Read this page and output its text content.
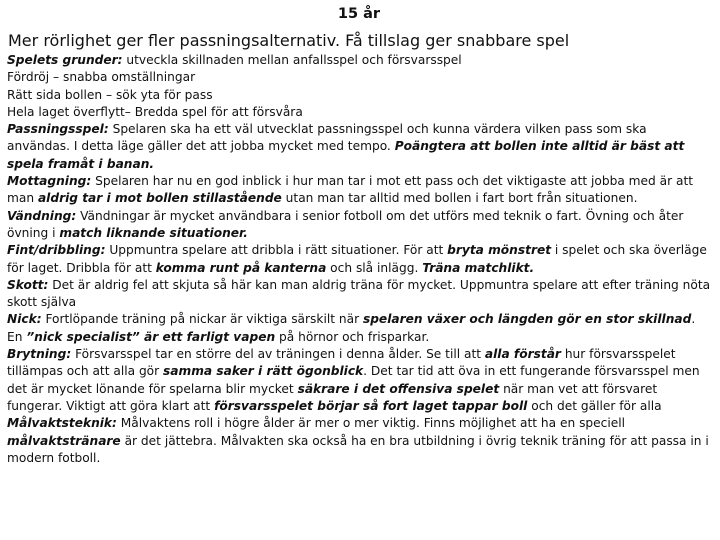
15 år
Mer rörlighet ger fler passningsalternativ. Få tillslag ger snabbare spel

Spelets grunder: utveckla skillnaden mellan anfallsspel och försvarsspel

Fördröj – snabba omställningar

Rätt sida bollen – sök yta för pass

Hela laget överflytt– Bredda spel för att försvåra

Passningsspel: Spelaren ska ha ett väl utvecklat passningsspel och kunna värdera vilken pass som ska användas. I detta läge gäller det att jobba mycket med tempo. Poängtera att bollen inte alltid är bäst att spela framåt i banan.

Mottagning: Spelaren har nu en god inblick i hur man tar i mot ett pass och det viktigaste att jobba med är att man aldrig tar i mot bollen stillastående utan man tar alltid med bollen i fart bort från situationen.

Vändning: Vändningar är mycket användbara i senior fotboll om det utförs med teknik o fart. Övning och åter övning i match liknande situationer.

Fint/dribbling: Uppmuntra spelare att dribbla i rätt situationer. För att bryta mönstret i spelet och ska överläge för laget. Dribbla för att komma runt på kanterna och slå inlägg. Träna matchlikt.

Skott: Det är aldrig fel att skjuta så här kan man aldrig träna för mycket. Uppmuntra spelare att efter träning nöta skott själva

Nick: Fortlöpande träning på nickar är viktiga särskilt när spelaren växer och längden gör en stor skillnad. En ”nick specialist” är ett farligt vapen på hörnor och frisparkar.

Brytning: Försvarsspel tar en större del av träningen i denna ålder. Se till att alla förstår hur försvarsspelet tillämpas och att alla gör samma saker i rätt ögonblick. Det tar tid att öva in ett fungerande försvarsspel men det är mycket lönande för spelarna blir mycket säkrare i det offensiva spelet när man vet att försvaret fungerar. Viktigt att göra klart att försvarsspelet börjar så fort laget tappar boll och det gäller för alla

Målvaktsteknik: Målvaktens roll i högre ålder är mer o mer viktig. Finns möjlighet att ha en speciell målvaktstränare är det jättebra. Målvakten ska också ha en bra utbildning i övrig teknik träning för att passa in i modern fotboll.
